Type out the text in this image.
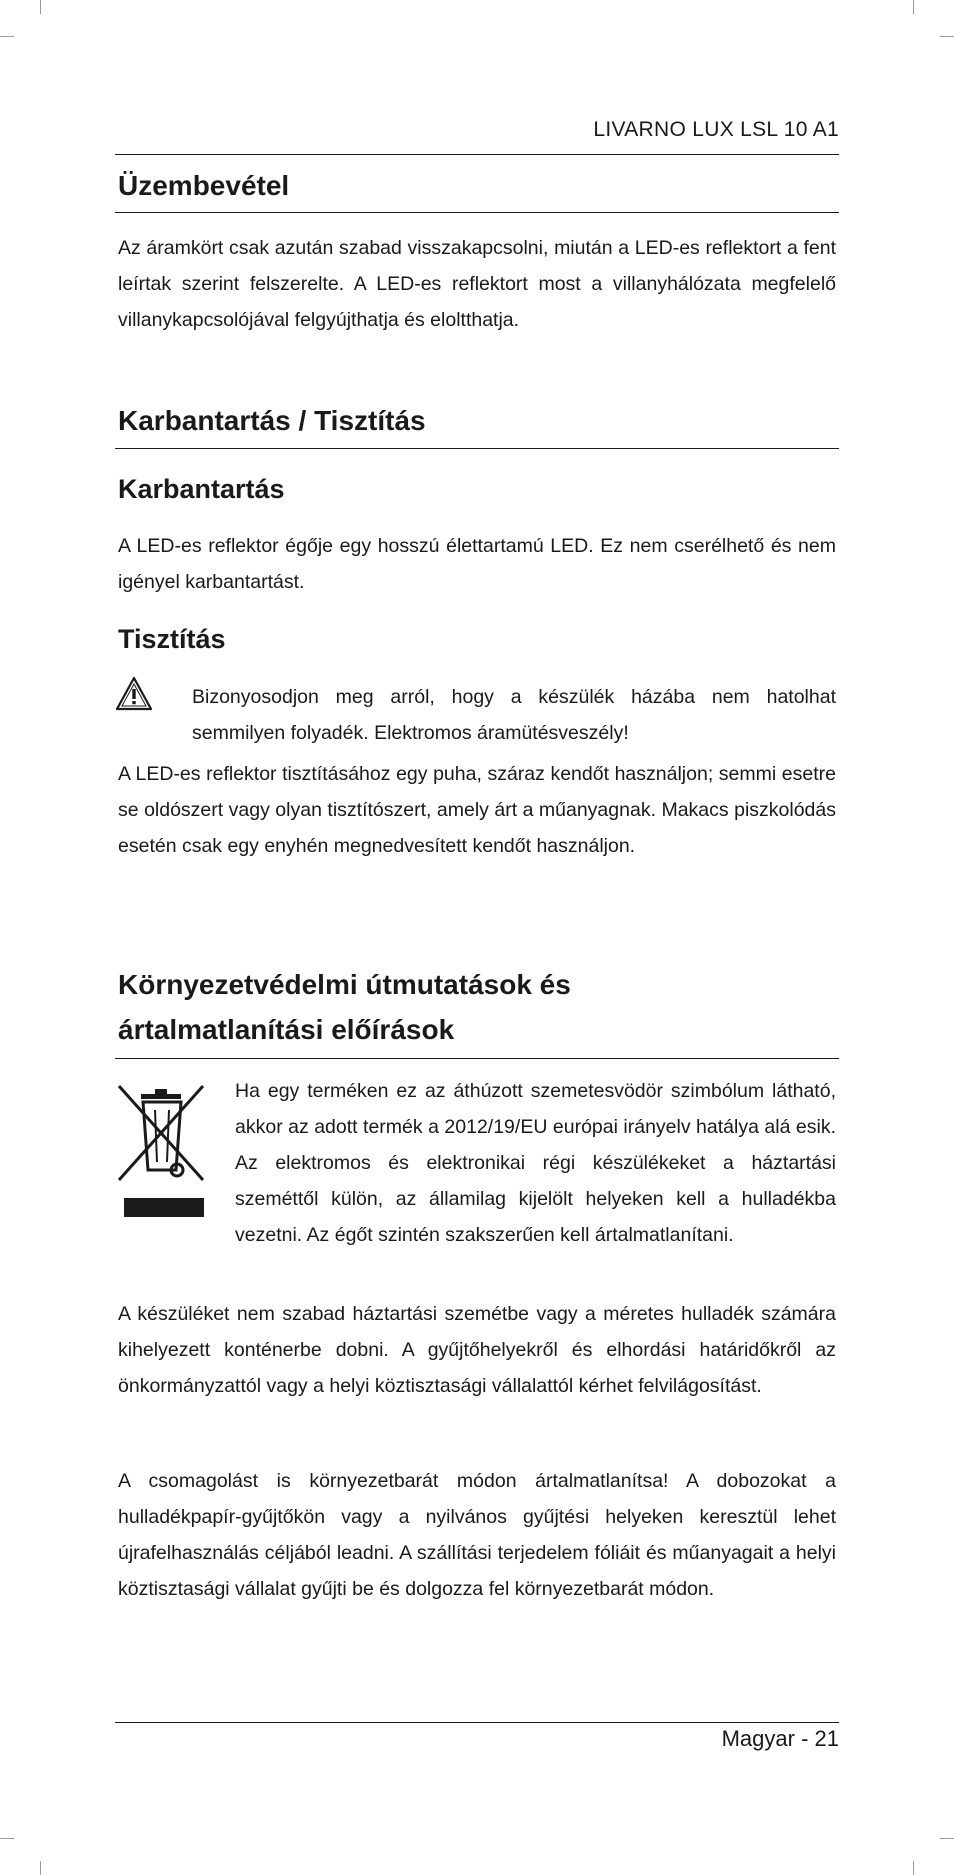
LIVARNO LUX LSL 10 A1
Üzembevétel

Az áramkört csak azután szabad visszakapcsolni, miután a LED-es reflektort a fent leírtak szerint felszerelte. A LED-es reflektort most a villanyhálózata megfelelő villanykapcsolójával felgyújthatja és eloltthatja.

Karbantartás / Tisztítás
Karbantartás

A LED-es reflektor égője egy hosszú élettartamú LED. Ez nem cserélhető és nem igényel karbantartást.

Tisztítás

Bizonyosodjon meg arról, hogy a készülék házába nem hatolhat semmilyen folyadék. Elektromos áramütésveszély!

A LED-es reflektor tisztításához egy puha, száraz kendőt használjon; semmi esetre se oldószert vagy olyan tisztítószert, amely árt a műanyagnak. Makacs piszkolódás esetén csak egy enyhén megnedvesített kendőt használjon.

Környezetvédelmi útmutatások és
ártalmatlanítási előírások

Ha egy terméken ez az áthúzott szemetesvödör szimbólum látható, akkor az adott termék a 2012/19/EU európai irányelv hatálya alá esik. Az elektromos és elektronikai régi készülékeket a háztartási szeméttől külön, az államilag kijelölt helyeken kell a hulladékba vezetni. Az égőt szintén szakszerűen kell ártalmatlanítani.

A készüléket nem szabad háztartási szemétbe vagy a méretes hulladék számára kihelyezett konténerbe dobni. A gyűjtőhelyekről és elhordási határidőkről az önkormányzattól vagy a helyi köztisztasági vállalattól kérhet felvilágosítást.

A csomagolást is környezetbarát módon ártalmatlanítsa! A dobozokat a hulladékpapír-gyűjtőkön vagy a nyilvános gyűjtési helyeken keresztül lehet újrafelhasználás céljából leadni. A szállítási terjedelem fóliáit és műanyagait a helyi köztisztasági vállalat gyűjti be és dolgozza fel környezetbarát módon.

Magyar - 21
